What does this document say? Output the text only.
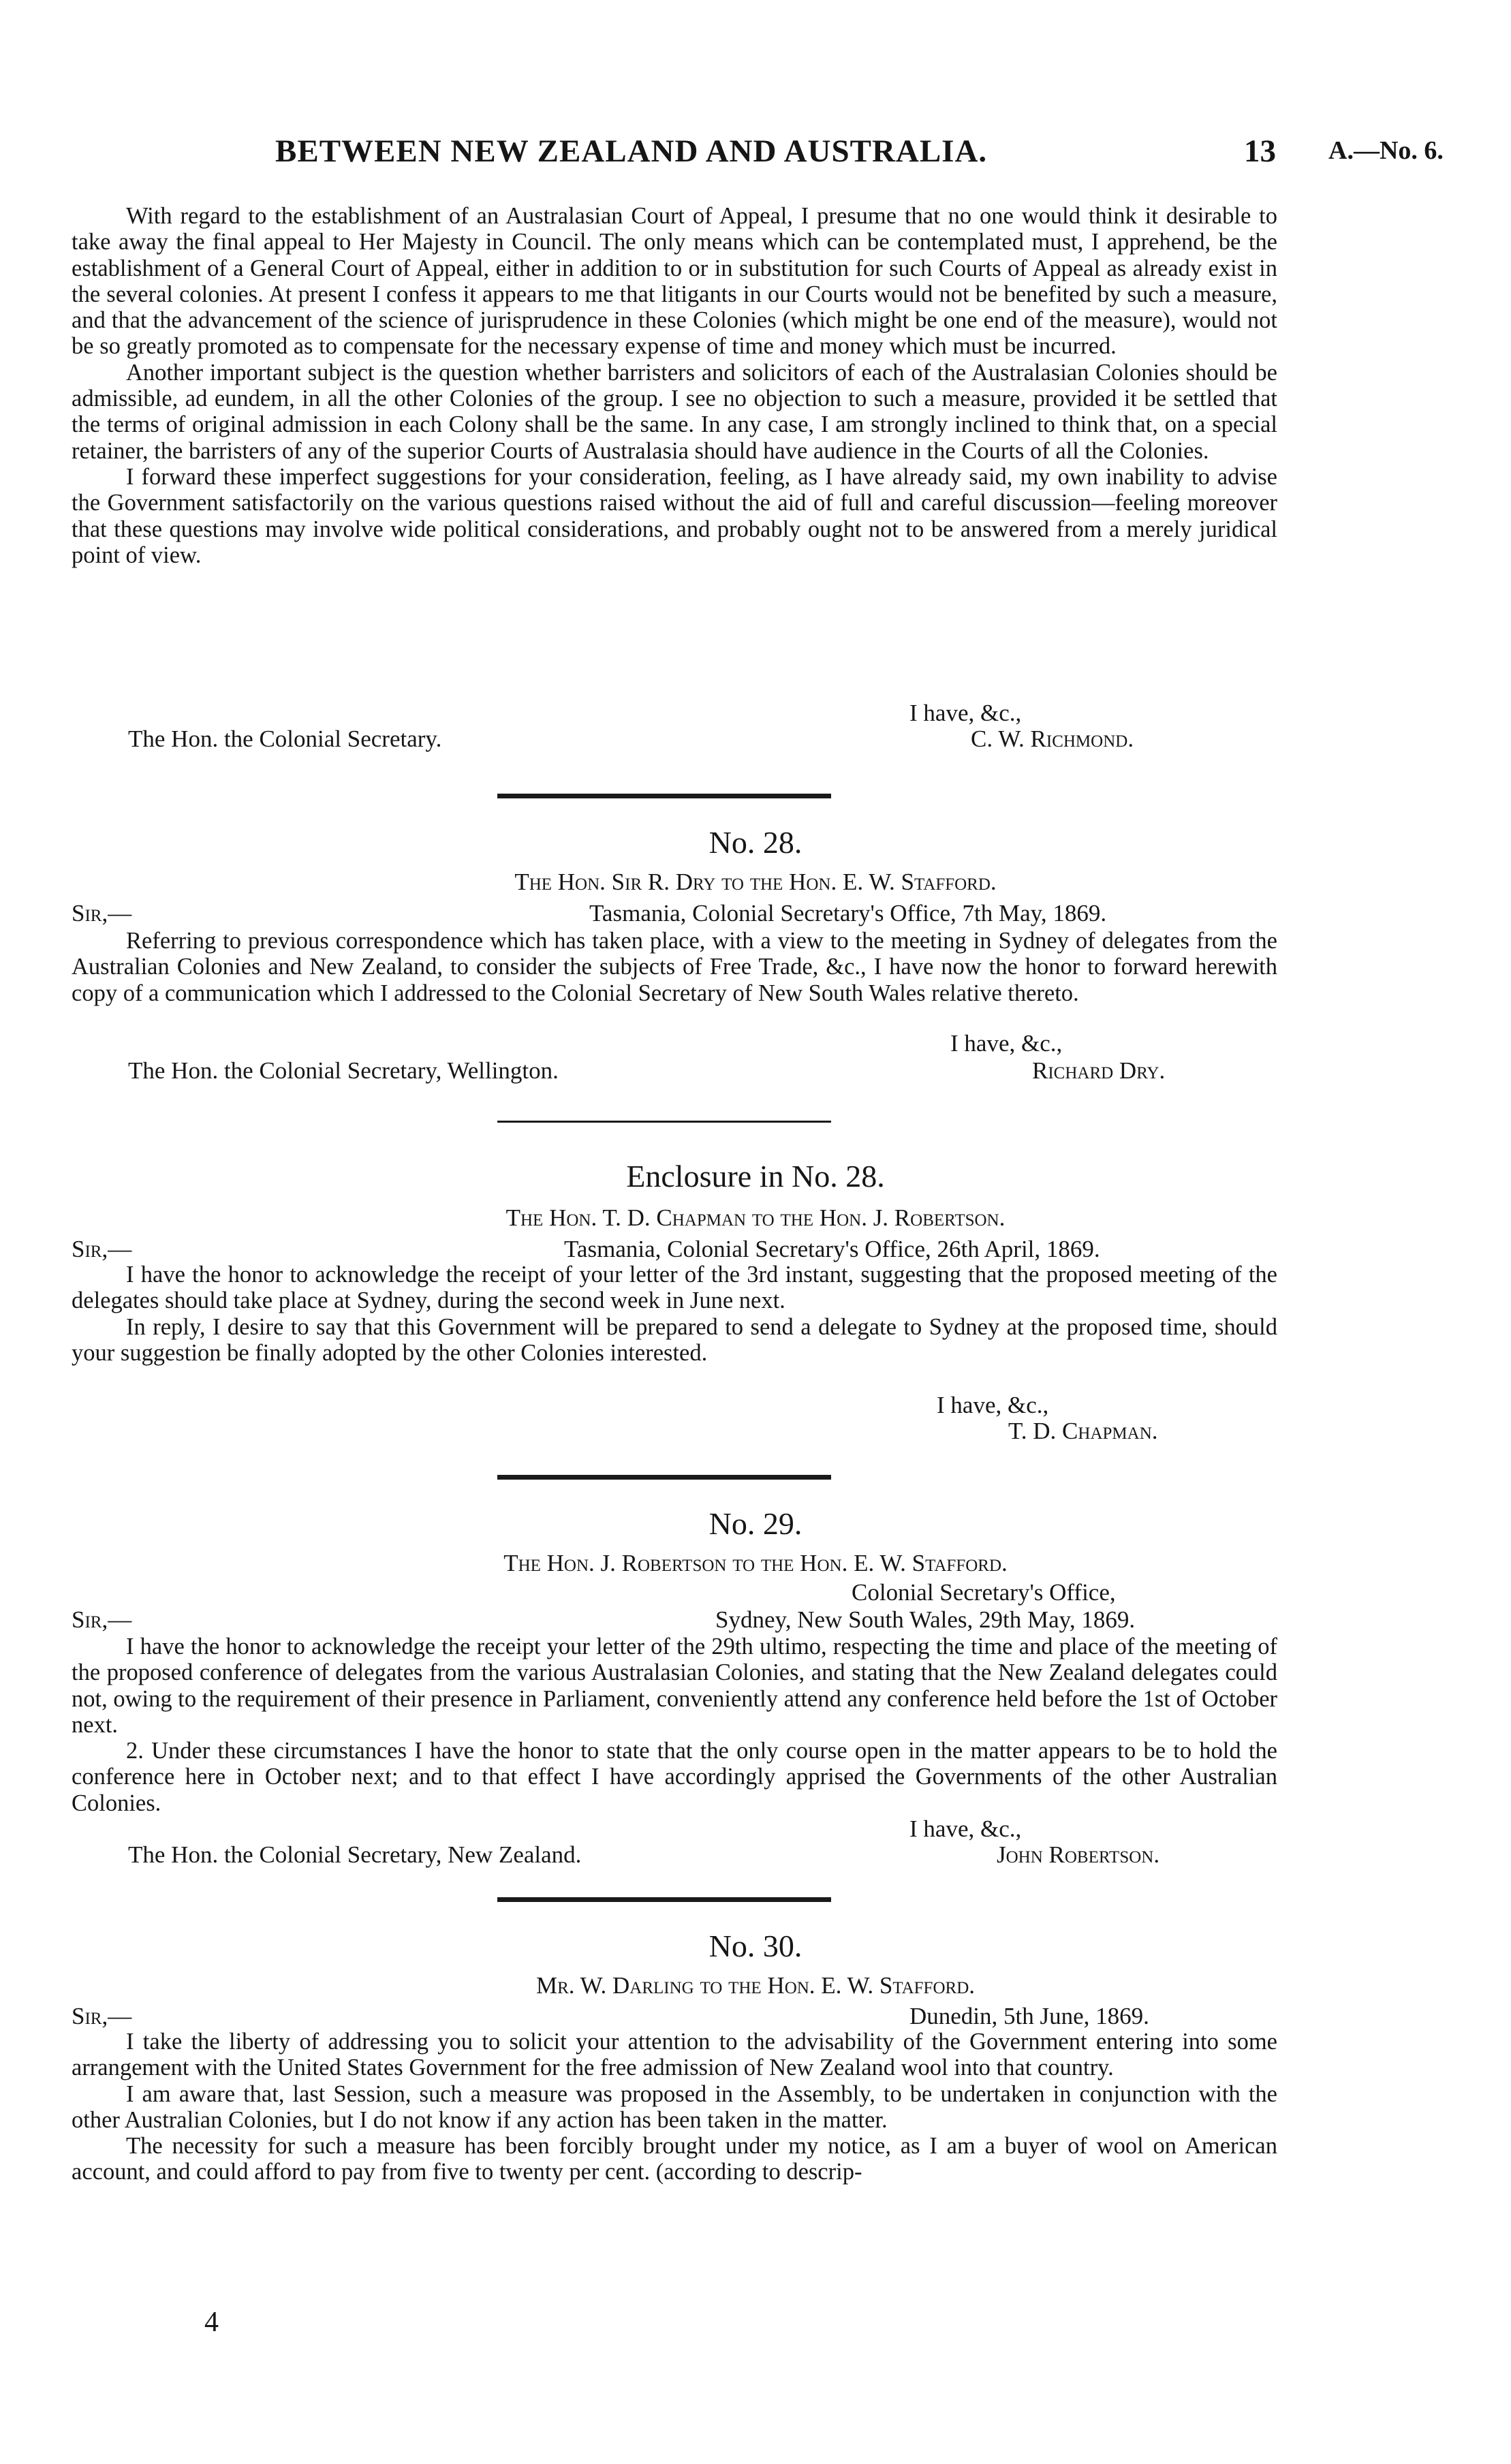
BETWEEN NEW ZEALAND AND AUSTRALIA.	13 A.—No. 6.

With regard to the establishment of an Australasian Court of Appeal, I presume that no one would think it desirable to take away the final appeal to Her Majesty in Council. The only means which can be contemplated must, I apprehend, be the establishment of a General Court of Appeal, either in addition to or in substitution for such Courts of Appeal as already exist in the several colonies. At present I confess it appears to me that litigants in our Courts would not be benefited by such a measure, and that the advancement of the science of jurisprudence in these Colonies (which might be one end of the measure), would not be so greatly promoted as to compensate for the necessary expense of time and money which must be incurred.

Another important subject is the question whether barristers and solicitors of each of the Australasian Colonies should be admissible, ad eundem, in all the other Colonies of the group. I see no objection to such a measure, provided it be settled that the terms of original admission in each Colony shall be the same. In any case, I am strongly inclined to think that, on a special retainer, the barristers of any of the superior Courts of Australasia should have audience in the Courts of all the Colonies.

I forward these imperfect suggestions for your consideration, feeling, as I have already said, my own inability to advise the Government satisfactorily on the various questions raised without the aid of full and careful discussion—feeling moreover that these questions may involve wide political considerations, and probably ought not to be answered from a merely juridical point of view.

I have, &c.,
The Hon. the Colonial Secretary.	C. W. Richmond.
No. 28.
The Hon. Sir R. Dry to the Hon. E. W. Stafford.
Sir,—	Tasmania, Colonial Secretary's Office, 7th May, 1869.

Referring to previous correspondence which has taken place, with a view to the meeting in Sydney of delegates from the Australian Colonies and New Zealand, to consider the subjects of Free Trade, &c., I have now the honor to forward herewith copy of a communication which I addressed to the Colonial Secretary of New South Wales relative thereto.

I have, &c.,
The Hon. the Colonial Secretary, Wellington.	Richard Dry.
Enclosure in No. 28.
The Hon. T. D. Chapman to the Hon. J. Robertson.
Sir,—	Tasmania, Colonial Secretary's Office, 26th April, 1869.

I have the honor to acknowledge the receipt of your letter of the 3rd instant, suggesting that the proposed meeting of the delegates should take place at Sydney, during the second week in June next.

In reply, I desire to say that this Government will be prepared to send a delegate to Sydney at the proposed time, should your suggestion be finally adopted by the other Colonies interested.

I have, &c.,
T. D. Chapman.
No. 29.
The Hon. J. Robertson to the Hon. E. W. Stafford.
Colonial Secretary's Office,
Sir,—	Sydney, New South Wales, 29th May, 1869.

I have the honor to acknowledge the receipt your letter of the 29th ultimo, respecting the time and place of the meeting of the proposed conference of delegates from the various Australasian Colonies, and stating that the New Zealand delegates could not, owing to the requirement of their presence in Parliament, conveniently attend any conference held before the 1st of October next.

2. Under these circumstances I have the honor to state that the only course open in the matter appears to be to hold the conference here in October next; and to that effect I have accordingly apprised the Governments of the other Australian Colonies.

I have, &c.,
The Hon. the Colonial Secretary, New Zealand.	John Robertson.
No. 30.
Mr. W. Darling to the Hon. E. W. Stafford.
Sir,—	Dunedin, 5th June, 1869.

I take the liberty of addressing you to solicit your attention to the advisability of the Government entering into some arrangement with the United States Government for the free admission of New Zealand wool into that country.

I am aware that, last Session, such a measure was proposed in the Assembly, to be undertaken in conjunction with the other Australian Colonies, but I do not know if any action has been taken in the matter.

The necessity for such a measure has been forcibly brought under my notice, as I am a buyer of wool on American account, and could afford to pay from five to twenty per cent. (according to descrip-

4
